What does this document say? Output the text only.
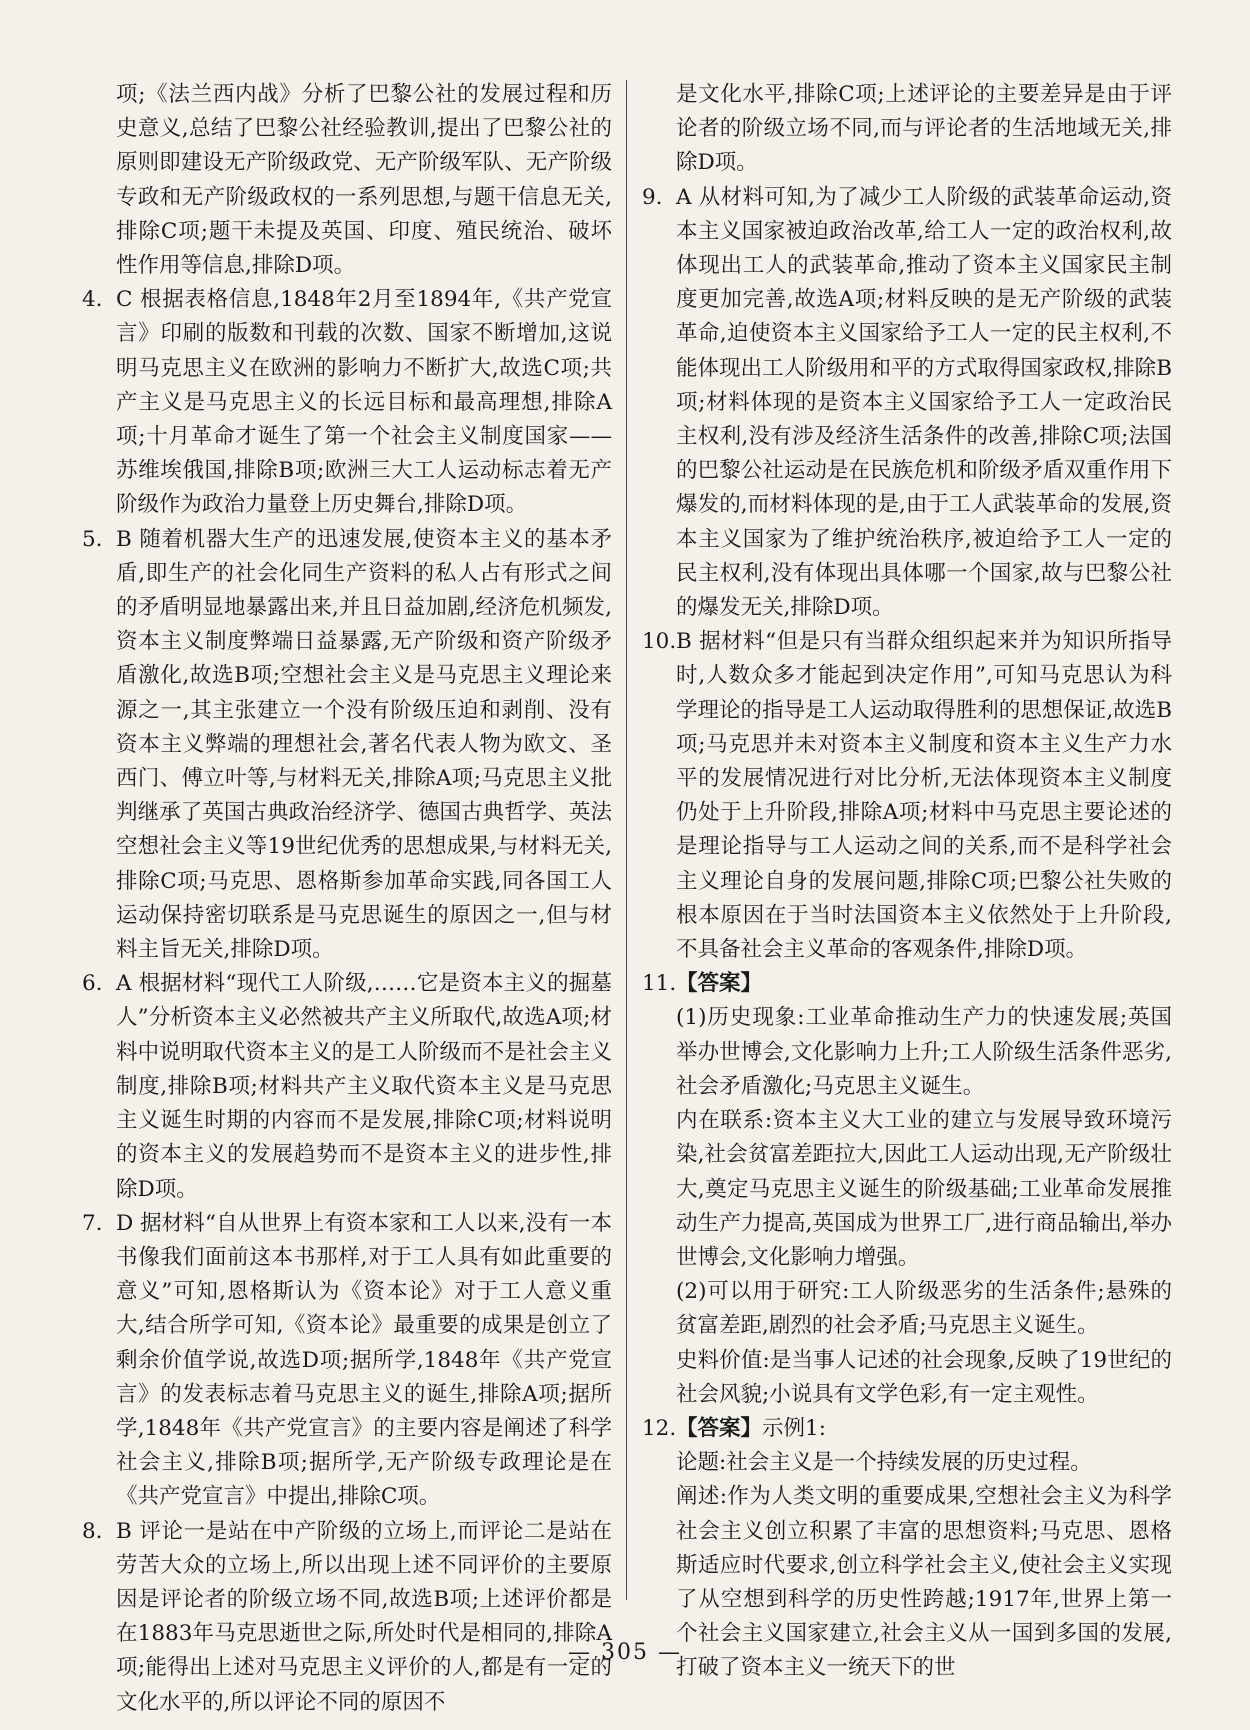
项;《法兰西内战》分析了巴黎公社的发展过程和历史意义,总结了巴黎公社经验教训,提出了巴黎公社的原则即建设无产阶级政党、无产阶级军队、无产阶级专政和无产阶级政权的一系列思想,与题干信息无关,排除C项;题干未提及英国、印度、殖民统治、破坏性作用等信息,排除D项。

4. C 根据表格信息,1848年2月至1894年,《共产党宣言》印刷的版数和刊载的次数、国家不断增加,这说明马克思主义在欧洲的影响力不断扩大,故选C项;共产主义是马克思主义的长远目标和最高理想,排除A项;十月革命才诞生了第一个社会主义制度国家——苏维埃俄国,排除B项;欧洲三大工人运动标志着无产阶级作为政治力量登上历史舞台,排除D项。

5. B 随着机器大生产的迅速发展,使资本主义的基本矛盾,即生产的社会化同生产资料的私人占有形式之间的矛盾明显地暴露出来,并且日益加剧,经济危机频发,资本主义制度弊端日益暴露,无产阶级和资产阶级矛盾激化,故选B项;空想社会主义是马克思主义理论来源之一,其主张建立一个没有阶级压迫和剥削、没有资本主义弊端的理想社会,著名代表人物为欧文、圣西门、傅立叶等,与材料无关,排除A项;马克思主义批判继承了英国古典政治经济学、德国古典哲学、英法空想社会主义等19世纪优秀的思想成果,与材料无关,排除C项;马克思、恩格斯参加革命实践,同各国工人运动保持密切联系是马克思诞生的原因之一,但与材料主旨无关,排除D项。

6. A 根据材料“现代工人阶级,……它是资本主义的掘墓人”分析资本主义必然被共产主义所取代,故选A项;材料中说明取代资本主义的是工人阶级而不是社会主义制度,排除B项;材料共产主义取代资本主义是马克思主义诞生时期的内容而不是发展,排除C项;材料说明的资本主义的发展趋势而不是资本主义的进步性,排除D项。

7. D 据材料“自从世界上有资本家和工人以来,没有一本书像我们面前这本书那样,对于工人具有如此重要的意义”可知,恩格斯认为《资本论》对于工人意义重大,结合所学可知,《资本论》最重要的成果是创立了剩余价值学说,故选D项;据所学,1848年《共产党宣言》的发表标志着马克思主义的诞生,排除A项;据所学,1848年《共产党宣言》的主要内容是阐述了科学社会主义,排除B项;据所学,无产阶级专政理论是在《共产党宣言》中提出,排除C项。

8. B 评论一是站在中产阶级的立场上,而评论二是站在劳苦大众的立场上,所以出现上述不同评价的主要原因是评论者的阶级立场不同,故选B项;上述评价都是在1883年马克思逝世之际,所处时代是相同的,排除A项;能得出上述对马克思主义评价的人,都是有一定的文化水平的,所以评论不同的原因不

是文化水平,排除C项;上述评论的主要差异是由于评论者的阶级立场不同,而与评论者的生活地域无关,排除D项。

9. A 从材料可知,为了减少工人阶级的武装革命运动,资本主义国家被迫政治改革,给工人一定的政治权利,故体现出工人的武装革命,推动了资本主义国家民主制度更加完善,故选A项;材料反映的是无产阶级的武装革命,迫使资本主义国家给予工人一定的民主权利,不能体现出工人阶级用和平的方式取得国家政权,排除B项;材料体现的是资本主义国家给予工人一定政治民主权利,没有涉及经济生活条件的改善,排除C项;法国的巴黎公社运动是在民族危机和阶级矛盾双重作用下爆发的,而材料体现的是,由于工人武装革命的发展,资本主义国家为了维护统治秩序,被迫给予工人一定的民主权利,没有体现出具体哪一个国家,故与巴黎公社的爆发无关,排除D项。

10. B 据材料“但是只有当群众组织起来并为知识所指导时,人数众多才能起到决定作用”,可知马克思认为科学理论的指导是工人运动取得胜利的思想保证,故选B项;马克思并未对资本主义制度和资本主义生产力水平的发展情况进行对比分析,无法体现资本主义制度仍处于上升阶段,排除A项;材料中马克思主要论述的是理论指导与工人运动之间的关系,而不是科学社会主义理论自身的发展问题,排除C项;巴黎公社失败的根本原因在于当时法国资本主义依然处于上升阶段,不具备社会主义革命的客观条件,排除D项。

11. 【答案】

(1)历史现象:工业革命推动生产力的快速发展;英国举办世博会,文化影响力上升;工人阶级生活条件恶劣,社会矛盾激化;马克思主义诞生。

内在联系:资本主义大工业的建立与发展导致环境污染,社会贫富差距拉大,因此工人运动出现,无产阶级壮大,奠定马克思主义诞生的阶级基础;工业革命发展推动生产力提高,英国成为世界工厂,进行商品输出,举办世博会,文化影响力增强。

(2)可以用于研究:工人阶级恶劣的生活条件;悬殊的贫富差距,剧烈的社会矛盾;马克思主义诞生。

史料价值:是当事人记述的社会现象,反映了19世纪的社会风貌;小说具有文学色彩,有一定主观性。

12. 【答案】示例1:

论题:社会主义是一个持续发展的历史过程。

阐述:作为人类文明的重要成果,空想社会主义为科学社会主义创立积累了丰富的思想资料;马克思、恩格斯适应时代要求,创立科学社会主义,使社会主义实现了从空想到科学的历史性跨越;1917年,世界上第一个社会主义国家建立,社会主义从一国到多国的发展,打破了资本主义一统天下的世

— 305 —
